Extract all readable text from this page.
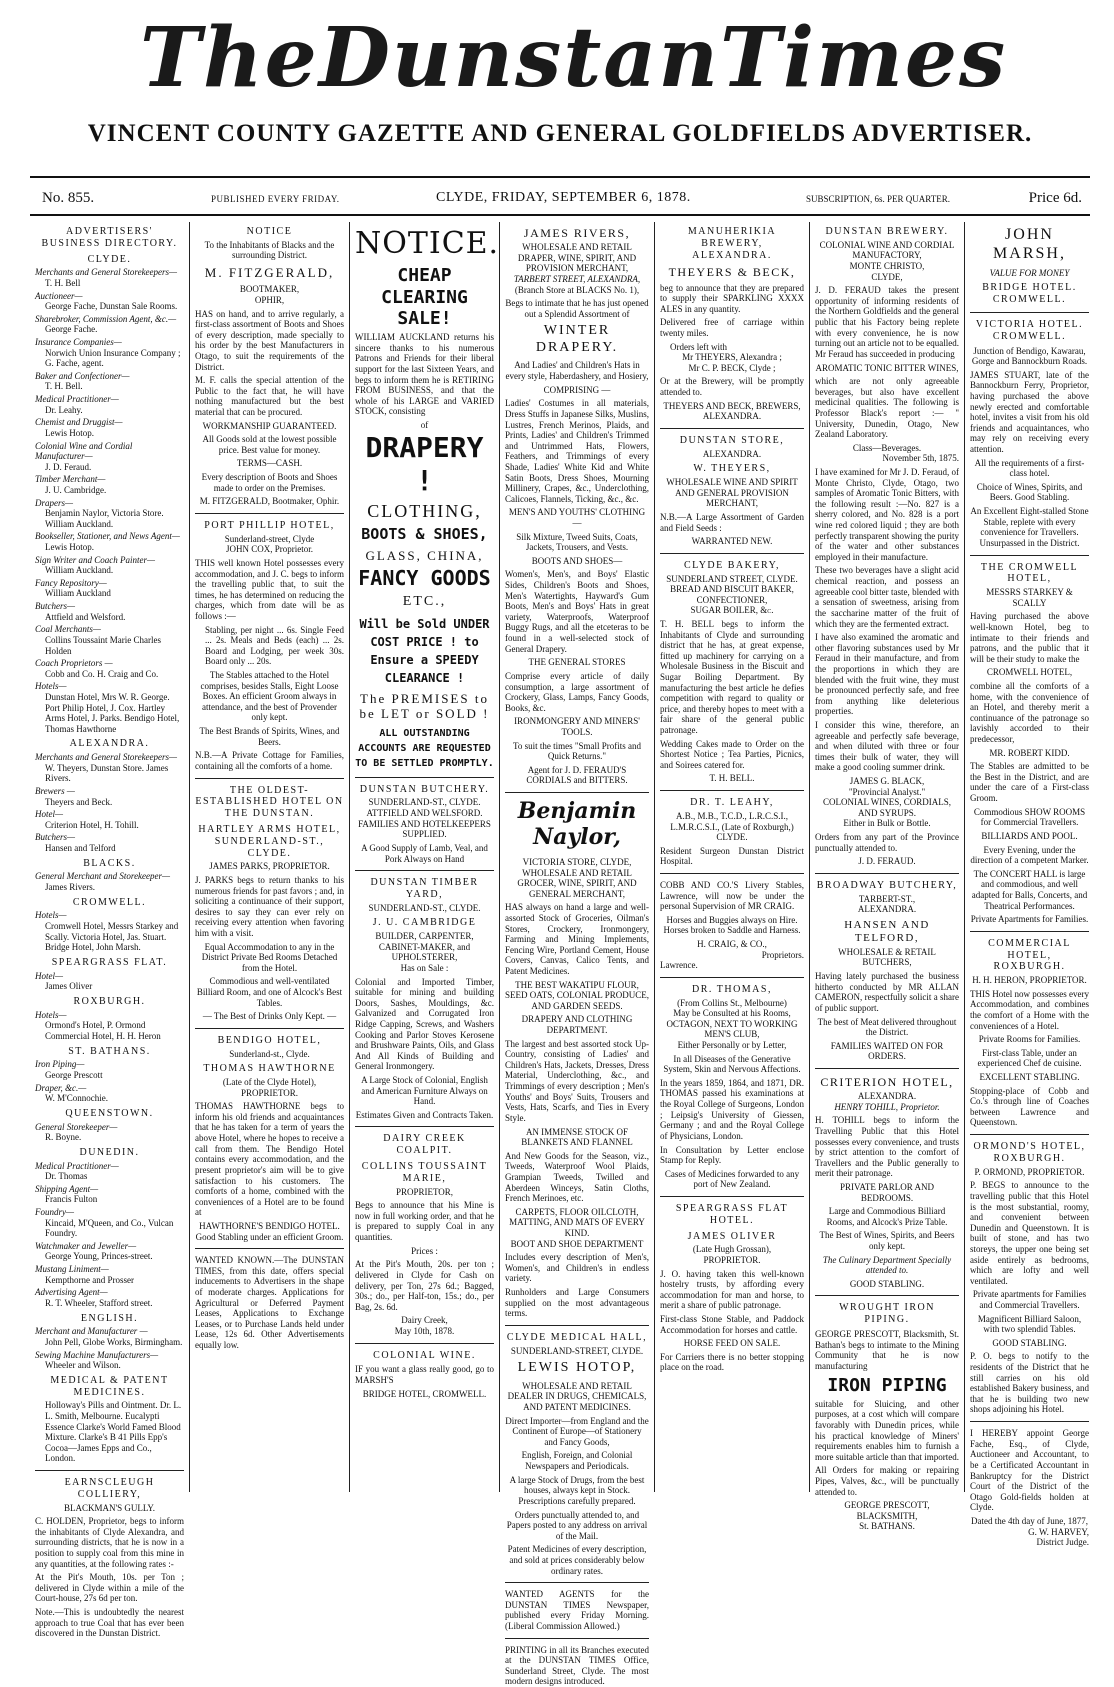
The Dunstan Times
VINCENT COUNTY GAZETTE AND GENERAL GOLDFIELDS ADVERTISER.
No. 855.	PUBLISHED EVERY FRIDAY.	CLYDE, FRIDAY, SEPTEMBER 6, 1878.	SUBSCRIPTION, 6s. PER QUARTER.	Price 6d.
ADVERTISERS' BUSINESS DIRECTORY.
CLYDE.
Merchants and General Storekeepers—
T. H. Bell
Auctioneer—
George Fache, Dunstan Sale Rooms.
Sharebroker, Commission Agent, &c.—
George Fache.
Insurance Companies—
Norwich Union Insurance Company ; G. Fache, agent.
Baker and Confectioner—
T. H. Bell.
Medical Practitioner—
Dr. Leahy.
Chemist and Druggist—
Lewis Hotop.
Colonial Wine and Cordial Manufacturer—
J. D. Feraud.
Timber Merchant—
J. U. Cambridge.
Drapers—
Benjamin Naylor, Victoria Store. William Auckland.
Bookseller, Stationer, and News Agent—
Lewis Hotop.
Sign Writer and Coach Painter—
William Auckland.
Fancy Repository—
William Auckland
Butchers—
Attfield and Welsford.
Coal Merchants—
Collins Toussaint Marie Charles Holden
Coach Proprietors —
Cobb and Co. H. Craig and Co.
Hotels—
Dunstan Hotel, Mrs W. R. George. Port Philip Hotel, J. Cox. Hartley Arms Hotel, J. Parks. Bendigo Hotel, Thomas Hawthorne
ALEXANDRA.
Merchants and General Storekeepers—
W. Theyers, Dunstan Store. James Rivers.
Brewers —
Theyers and Beck.
Hotel—
Criterion Hotel, H. Tohill.
Butchers—
Hansen and Telford
BLACKS.
General Merchant and Storekeeper—
James Rivers.
CROMWELL.
Hotels—
Cromwell Hotel, Messrs Starkey and Scally. Victoria Hotel, Jas. Stuart. Bridge Hotel, John Marsh.
SPEARGRASS FLAT.
Hotel—
James Oliver
ROXBURGH.
Hotels—
Ormond's Hotel, P. Ormond Commercial Hotel, H. H. Heron
ST. BATHANS.
Iron Piping—
George Prescott
Draper, &c.—
W. M'Connochie.
QUEENSTOWN.
General Storekeeper—
R. Boyne.
DUNEDIN.
Medical Practitioner—
Dr. Thomas
Shipping Agent—
Francis Fulton
Foundry—
Kincaid, M'Queen, and Co., Vulcan Foundry.
Watchmaker and Jeweller—
George Young, Princes-street.
Mustang Liniment—
Kempthorne and Prosser
Advertising Agent—
R. T. Wheeler, Stafford street.
ENGLISH.
Merchant and Manufacturer —
John Pell, Globe Works, Birmingham.
Sewing Machine Manufacturers—
Wheeler and Wilson.
MEDICAL & PATENT MEDICINES.
Holloway's Pills and Ointment. Dr. L. L. Smith, Melbourne. Eucalypti Essence Clarke's World Famed Blood Mixture. Clarke's B 41 Pills Epp's Cocoa—James Epps and Co., London.
EARNSCLEUGH COLLIERY,
BLACKMAN'S GULLY.

C. HOLDEN, Proprietor, begs to inform the inhabitants of Clyde Alexandra, and surrounding districts, that he is now in a position to supply coal from this mine in any quantities, at the following rates :-

At the Pit's Mouth, 10s. per Ton ; delivered in Clyde within a mile of the Court-house, 27s 6d per ton.

Note.—This is undoubtedly the nearest approach to true Coal that has ever been discovered in the Dunstan District.

NOTICE
To the Inhabitants of Blacks and the surrounding District.
M. FITZGERALD,
BOOTMAKER,
OPHIR,

HAS on hand, and to arrive regularly, a first-class assortment of Boots and Shoes of every description, made specially to his order by the best Manufacturers in Otago, to suit the requirements of the District.

M. F. calls the special attention of the Public to the fact that, he will have nothing manufactured but the best material that can be procured.

WORKMANSHIP GUARANTEED.

All Goods sold at the lowest possible price. Best value for money.

TERMS—CASH.

Every description of Boots and Shoes made to order on the Premises.

M. FITZGERALD, Bootmaker, Ophir.
PORT PHILLIP HOTEL,
Sunderland-street, Clyde
JOHN COX, Proprietor.

THIS well known Hotel possesses every accommodation, and J. C. begs to inform the travelling public that, to suit the times, he has determined on reducing the charges, which from date will be as follows :—

Stabling, per night ... 6s. Single Feed ... 2s. Meals and Beds (each) ... 2s. Board and Lodging, per week 30s. Board only ... 20s.

The Stables attached to the Hotel comprises, besides Stalls, Eight Loose Boxes. An efficient Groom always in attendance, and the best of Provender only kept.

The Best Brands of Spirits, Wines, and Beers.

N.B.—A Private Cottage for Families, containing all the comforts of a home.

THE OLDEST-ESTABLISHED HOTEL ON THE DUNSTAN.
HARTLEY ARMS HOTEL, SUNDERLAND-ST., CLYDE.
JAMES PARKS, PROPRIETOR.

J. PARKS begs to return thanks to his numerous friends for past favors ; and, in soliciting a continuance of their support, desires to say they can ever rely on receiving every attention when favoring him with a visit.

Equal Accommodation to any in the District Private Bed Rooms Detached from the Hotel.

Commodious and well-ventilated Billiard Room, and one of Alcock's Best Tables.

— The Best of Drinks Only Kept. —
BENDIGO HOTEL,
Sunderland-st., Clyde.
THOMAS HAWTHORNE
(Late of the Clyde Hotel),
PROPRIETOR.

THOMAS HAWTHORNE begs to inform his old friends and acquaintances that he has taken for a term of years the above Hotel, where he hopes to receive a call from them. The Bendigo Hotel contains every accommodation, and the present proprietor's aim will be to give satisfaction to his customers. The comforts of a home, combined with the conveniences of a Hotel are to be found at

HAWTHORNE'S BENDIGO HOTEL.
Good Stabling under an efficient Groom.

WANTED KNOWN.—The DUNSTAN TIMES, from this date, offers special inducements to Advertisers in the shape of moderate charges. Applications for Agricultural or Deferred Payment Leases, Applications to Exchange Leases, or to Purchase Lands held under Lease, 12s 6d. Other Advertisements equally low.

NOTICE.
CHEAP CLEARING
SALE!

WILLIAM AUCKLAND returns his sincere thanks to his numerous Patrons and Friends for their liberal support for the last Sixteen Years, and begs to inform them he is RETIRING FROM BUSINESS, and that the whole of his LARGE and VARIED STOCK, consisting

of
DRAPERY !
CLOTHING,
BOOTS & SHOES,
GLASS, CHINA,
FANCY GOODS
ETC.,
Will be Sold UNDER COST PRICE ! to Ensure a SPEEDY CLEARANCE !
The PREMISES to be LET or SOLD !
ALL OUTSTANDING ACCOUNTS ARE REQUESTED TO BE SETTLED PROMPTLY.
DUNSTAN BUTCHERY.
SUNDERLAND-ST., CLYDE.
ATTFIELD AND WELSFORD.
FAMILIES AND HOTELKEEPERS SUPPLIED.

A Good Supply of Lamb, Veal, and Pork Always on Hand

DUNSTAN TIMBER YARD,
SUNDERLAND-ST., CLYDE.
J. U. CAMBRIDGE
BUILDER, CARPENTER, CABINET-MAKER, and UPHOLSTERER,
Has on Sale :

Colonial and Imported Timber, suitable for mining and building Doors, Sashes, Mouldings, &c. Galvanized and Corrugated Iron Ridge Capping, Screws, and Washers Cooking and Parlor Stoves Kerosene and Brushware Paints, Oils, and Glass And All Kinds of Building and General Ironmongery.

A Large Stock of Colonial, English and American Furniture Always on Hand.

Estimates Given and Contracts Taken.
DAIRY CREEK COALPIT.
COLLINS TOUSSAINT MARIE,
PROPRIETOR,

Begs to announce that his Mine is now in full working order, and that he is prepared to supply Coal in any quantities.

Prices :

At the Pit's Mouth, 20s. per ton ; delivered in Clyde for Cash on delivery, per Ton, 27s 6d.; Bagged, 30s.; do., per Half-ton, 15s.; do., per Bag, 2s. 6d.

Dairy Creek,
May 10th, 1878.
COLONIAL WINE.

IF you want a glass really good, go to MARSH'S

BRIDGE HOTEL, CROMWELL.
JAMES RIVERS,
WHOLESALE AND RETAIL DRAPER, WINE, SPIRIT, AND PROVISION MERCHANT,
TARBERT STREET, ALEXANDRA,
(Branch Store at BLACKS No. 1),

Begs to intimate that he has just opened out a Splendid Assortment of

WINTER DRAPERY.

And Ladies' and Children's Hats in every style, Haberdashery, and Hosiery,

COMPRISING —

Ladies' Costumes in all materials, Dress Stuffs in Japanese Silks, Muslins, Lustres, French Merinos, Plaids, and Prints, Ladies' and Children's Trimmed and Untrimmed Hats, Flowers, Feathers, and Trimmings of every Shade, Ladies' White Kid and White Satin Boots, Dress Shoes, Mourning Millinery, Crapes, &c., Underclothing, Calicoes, Flannels, Ticking, &c., &c.

MEN'S AND YOUTHS' CLOTHING—

Silk Mixture, Tweed Suits, Coats, Jackets, Trousers, and Vests.

BOOTS AND SHOES—

Women's, Men's, and Boys' Elastic Sides, Children's Boots and Shoes, Men's Watertights, Hayward's Gum Boots, Men's and Boys' Hats in great variety, Waterproofs, Waterproof Buggy Rugs, and all the etceteras to be found in a well-selected stock of General Drapery.

THE GENERAL STORES

Comprise every article of daily consumption, a large assortment of Crockery, Glass, Lamps, Fancy Goods, Books, &c.

IRONMONGERY AND MINERS' TOOLS.

To suit the times "Small Profits and Quick Returns."

Agent for J. D. FERAUD'S CORDIALS and BITTERS.

Benjamin Naylor,
VICTORIA STORE, CLYDE,
WHOLESALE AND RETAIL
GROCER, WINE, SPIRIT, AND GENERAL MERCHANT,

HAS always on hand a large and well-assorted Stock of Groceries, Oilman's Stores, Crockery, Ironmongery, Farming and Mining Implements, Fencing Wire, Portland Cement, House Covers, Canvas, Calico Tents, and Patent Medicines.

THE BEST WAKATIPU FLOUR, SEED OATS, COLONIAL PRODUCE, AND GARDEN SEEDS.

DRAPERY AND CLOTHING DEPARTMENT.

The largest and best assorted stock Up-Country, consisting of Ladies' and Children's Hats, Jackets, Dresses, Dress Material, Underclothing, &c., and Trimmings of every description ; Men's Youths' and Boys' Suits, Trousers and Vests, Hats, Scarfs, and Ties in Every Style.

AN IMMENSE STOCK OF BLANKETS AND FLANNEL

And New Goods for the Season, viz., Tweeds, Waterproof Wool Plaids, Grampian Tweeds, Twilled and Aberdeen Winceys, Satin Cloths, French Merinoes, etc.

CARPETS, FLOOR OILCLOTH, MATTING, AND MATS OF EVERY KIND.
BOOT AND SHOE DEPARTMENT

Includes every description of Men's, Women's, and Children's in endless variety.

Runholders and Large Consumers supplied on the most advantageous terms.

CLYDE MEDICAL HALL,
SUNDERLAND-STREET, CLYDE.
LEWIS HOTOP,
WHOLESALE AND RETAIL
DEALER IN DRUGS, CHEMICALS, AND PATENT MEDICINES.

Direct Importer—from England and the Continent of Europe—of Stationery and Fancy Goods,

English, Foreign, and Colonial Newspapers and Periodicals.

A large Stock of Drugs, from the best houses, always kept in Stock. Prescriptions carefully prepared.

Orders punctually attended to, and Papers posted to any address on arrival of the Mail.

Patent Medicines of every description, and sold at prices considerably below ordinary rates.

WANTED AGENTS for the DUNSTAN TIMES Newspaper, published every Friday Morning. (Liberal Commission Allowed.)

PRINTING in all its Branches executed at the DUNSTAN TIMES Office, Sunderland Street, Clyde. The most modern designs introduced.

MANUHERIKIA BREWERY, ALEXANDRA.
THEYERS & BECK,

beg to announce that they are prepared to supply their SPARKLING XXXX ALES in any quantity.

Delivered free of carriage within twenty miles.

Orders left with
Mr THEYERS, Alexandra ;
Mr C. P. BECK, Clyde ;

Or at the Brewery, will be promptly attended to.

THEYERS AND BECK, BREWERS, ALEXANDRA.
DUNSTAN STORE,
ALEXANDRA.
W. THEYERS,
WHOLESALE WINE AND SPIRIT AND GENERAL PROVISION MERCHANT,

N.B.—A Large Assortment of Garden and Field Seeds :

WARRANTED NEW.
CLYDE BAKERY,
SUNDERLAND STREET, CLYDE.
BREAD AND BISCUIT BAKER, CONFECTIONER,
SUGAR BOILER, &c.

T. H. BELL begs to inform the Inhabitants of Clyde and surrounding district that he has, at great expense, fitted up machinery for carrying on a Wholesale Business in the Biscuit and Sugar Boiling Department. By manufacturing the best article he defies competition with regard to quality or price, and thereby hopes to meet with a fair share of the general public patronage.

Wedding Cakes made to Order on the Shortest Notice ; Tea Parties, Picnics, and Soirees catered for.

T. H. BELL.
DR. T. LEAHY,
A.B., M.B., T.C.D., L.R.C.S.I., L.M.R.C.S.I., (Late of Roxburgh,)
CLYDE.

Resident Surgeon Dunstan District Hospital.

COBB AND CO.'S Livery Stables, Lawrence, will now be under the personal Supervision of MR CRAIG.

Horses and Buggies always on Hire. Horses broken to Saddle and Harness.

H. CRAIG, & CO.,
Proprietors.
Lawrence.
DR. THOMAS,
(From Collins St., Melbourne)
May be Consulted at his Rooms,
OCTAGON, NEXT TO WORKING MEN'S CLUB,
Either Personally or by Letter,

In all Diseases of the Generative System, Skin and Nervous Affections.

In the years 1859, 1864, and 1871, DR. THOMAS passed his examinations at the Royal College of Surgeons, London ; Leipsig's University of Giessen, Germany ; and and the Royal College of Physicians, London.

In Consultation by Letter enclose Stamp for Reply.

Cases of Medicines forwarded to any port of New Zealand.

SPEARGRASS FLAT HOTEL.
JAMES OLIVER
(Late Hugh Grossan),
PROPRIETOR.

J. O. having taken this well-known hostelry trusts, by affording every accommodation for man and horse, to merit a share of public patronage.

First-class Stone Stable, and Paddock Accommodation for horses and cattle.

HORSE FEED ON SALE.

For Carriers there is no better stopping place on the road.

DUNSTAN BREWERY.
COLONIAL WINE AND CORDIAL MANUFACTORY,
MONTE CHRISTO,
CLYDE,

J. D. FERAUD takes the present opportunity of informing residents of the Northern Goldfields and the general public that his Factory being replete with every convenience, he is now turning out an article not to be equalled. Mr Feraud has succeeded in producing

AROMATIC TONIC BITTER WINES,

which are not only agreeable beverages, but also have excellent medicinal qualities. The following is Professor Black's report :— " University, Dunedin, Otago, New Zealand Laboratory.

Class—Beverages.
November 5th, 1875.

I have examined for Mr J. D. Feraud, of Monte Christo, Clyde, Otago, two samples of Aromatic Tonic Bitters, with the following result :—No. 827 is a sherry colored, and No. 828 is a port wine red colored liquid ; they are both perfectly transparent showing the purity of the water and other substances employed in their manufacture.

These two beverages have a slight acid chemical reaction, and possess an agreeable cool bitter taste, blended with a sensation of sweetness, arising from the saccharine matter of the fruit of which they are the fermented extract.

I have also examined the aromatic and other flavoring substances used by Mr Feraud in their manufacture, and from the proportions in which they are blended with the fruit wine, they must be pronounced perfectly safe, and free from anything like deleterious properties.

I consider this wine, therefore, an agreeable and perfectly safe beverage, and when diluted with three or four times their bulk of water, they will make a good cooling summer drink.

JAMES G. BLACK,
"Provincial Analyst."
COLONIAL WINES, CORDIALS, AND SYRUPS.
Either in Bulk or Bottle.

Orders from any part of the Province punctually attended to.

J. D. FERAUD.
BROADWAY BUTCHERY,
TARBERT-ST.,
ALEXANDRA.
HANSEN AND TELFORD,
WHOLESALE & RETAIL BUTCHERS,

Having lately purchased the business hitherto conducted by MR ALLAN CAMERON, respectfully solicit a share of public support.

The best of Meat delivered throughout the District.

FAMILIES WAITED ON FOR ORDERS.
CRITERION HOTEL,
ALEXANDRA.
HENRY TOHILL, Proprietor.

H. TOHILL begs to inform the Travelling Public that this Hotel possesses every convenience, and trusts by strict attention to the comfort of Travellers and the Public generally to merit their patronage.

PRIVATE PARLOR AND BEDROOMS.

Large and Commodious Billiard Rooms, and Alcock's Prize Table.

The Best of Wines, Spirits, and Beers only kept.

The Culinary Department Specially attended to.

GOOD STABLING.
WROUGHT IRON PIPING.

GEORGE PRESCOTT, Blacksmith, St. Bathan's begs to intimate to the Mining Community that he is now manufacturing

IRON PIPING

suitable for Sluicing, and other purposes, at a cost which will compare favorably with Dunedin prices, while his practical knowledge of Miners' requirements enables him to furnish a more suitable article than that imported.

All Orders for making or repairing Pipes, Valves, &c., will be punctually attended to.

GEORGE PRESCOTT,
BLACKSMITH,
St. BATHANS.
JOHN MARSH,
VALUE FOR MONEY
BRIDGE HOTEL. CROMWELL.
VICTORIA HOTEL. CROMWELL.

Junction of Bendigo, Kawarau, Gorge and Bannockburn Roads.

JAMES STUART, late of the Bannockburn Ferry, Proprietor, having purchased the above newly erected and comfortable hotel, invites a visit from his old friends and acquaintances, who may rely on receiving every attention.

All the requirements of a first-class hotel.

Choice of Wines, Spirits, and Beers. Good Stabling.

An Excellent Eight-stalled Stone Stable, replete with every convenience for Travellers. Unsurpassed in the District.

THE CROMWELL HOTEL,
MESSRS STARKEY & SCALLY

Having purchased the above well-known Hotel, beg to intimate to their friends and patrons, and the public that it will be their study to make the

CROMWELL HOTEL,

combine all the comforts of a home, with the convenience of an Hotel, and thereby merit a continuance of the patronage so lavishly accorded to their predecessor,

MR. ROBERT KIDD.

The Stables are admitted to be the Best in the District, and are under the care of a First-class Groom.

Commodious SHOW ROOMS for Commercial Travellers.

BILLIARDS AND POOL.

Every Evening, under the direction of a competent Marker.

The CONCERT HALL is large and commodious, and well adapted for Balls, Concerts, and Theatrical Performances.

Private Apartments for Families.
COMMERCIAL HOTEL, ROXBURGH.
H. H. HERON, PROPRIETOR.

THIS Hotel now possesses every Accommodation, and combines the comfort of a Home with the conveniences of a Hotel.

Private Rooms for Families.

First-class Table, under an experienced Chef de cuisine.

EXCELLENT STABLING.

Stopping-place of Cobb and Co.'s through line of Coaches between Lawrence and Queenstown.

ORMOND'S HOTEL, ROXBURGH.
P. ORMOND, PROPRIETOR.

P. BEGS to announce to the travelling public that this Hotel is the most substantial, roomy, and convenient between Dunedin and Queenstown. It is built of stone, and has two storeys, the upper one being set aside entirely as bedrooms, which are lofty and well ventilated.

Private apartments for Families and Commercial Travellers.

Magnificent Billiard Saloon, with two splendid Tables.

GOOD STABLING.

P. O. begs to notify to the residents of the District that he still carries on his old established Bakery business, and that he is building two new shops adjoining his Hotel.

I HEREBY appoint George Fache, Esq., of Clyde, Auctioneer and Accountant, to be a Certificated Accountant in Bankruptcy for the District Court of the District of the Otago Gold-fields holden at Clyde.

Dated the 4th day of June, 1877,
G. W. HARVEY,
District Judge.
